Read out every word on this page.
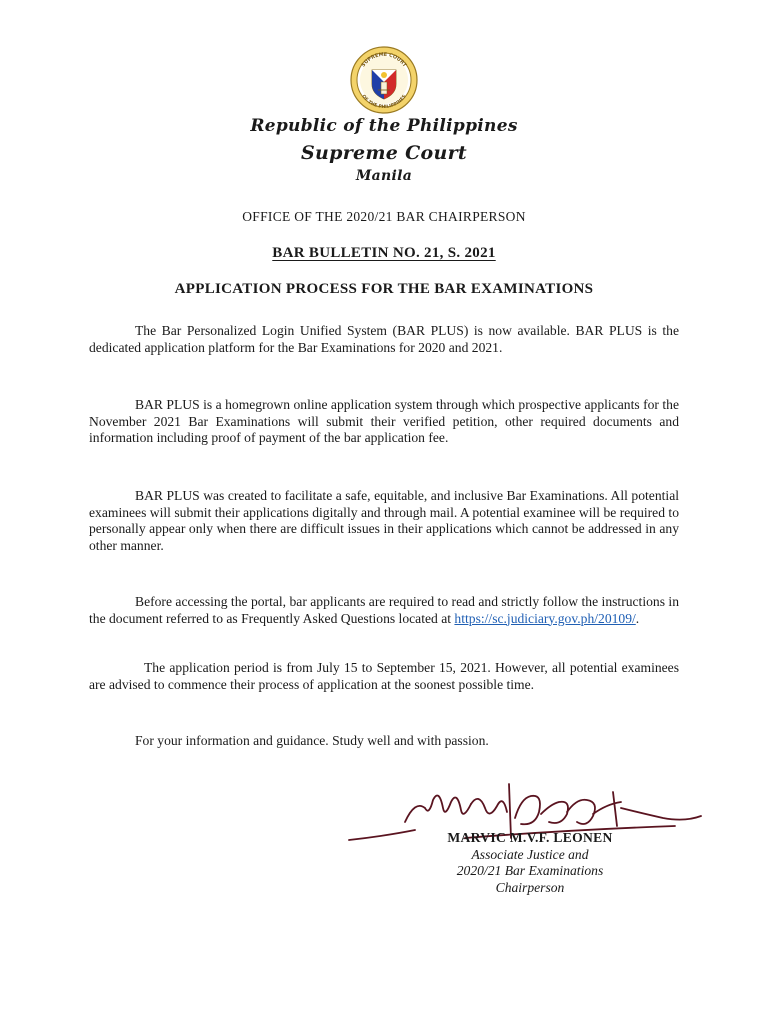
SUPREME COURT
OF THE PHILIPPINES
Republic of the Philippines
Supreme Court
Manila
OFFICE OF THE 2020/21 BAR CHAIRPERSON
BAR BULLETIN NO. 21, S. 2021
APPLICATION PROCESS FOR THE BAR EXAMINATIONS

The Bar Personalized Login Unified System (BAR PLUS) is now available. BAR PLUS is the dedicated application platform for the Bar Examinations for 2020 and 2021.

BAR PLUS is a homegrown online application system through which prospective applicants for the November 2021 Bar Examinations will submit their verified petition, other required documents and information including proof of payment of the bar application fee.

BAR PLUS was created to facilitate a safe, equitable, and inclusive Bar Examinations. All potential examinees will submit their applications digitally and through mail. A potential examinee will be required to personally appear only when there are difficult issues in their applications which cannot be addressed in any other manner.

Before accessing the portal, bar applicants are required to read and strictly follow the instructions in the document referred to as Frequently Asked Questions located at https://sc.judiciary.gov.ph/20109/.

The application period is from July 15 to September 15, 2021. However, all potential examinees are advised to commence their process of application at the soonest possible time.

For your information and guidance. Study well and with passion.

MARVIC M.V.F. LEONEN
Associate Justice and
2020/21 Bar Examinations
Chairperson
